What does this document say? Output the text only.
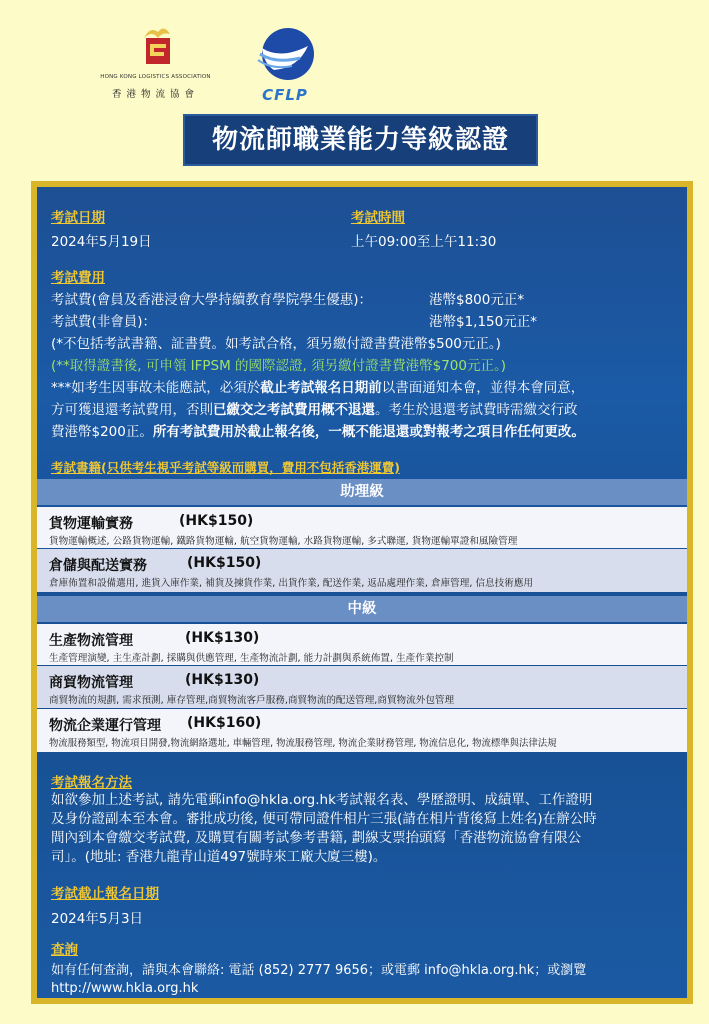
HONG KONG LOGISTICS ASSOCIATION
香港物流協會	CFLP
物流師職業能力等級認證
考試日期
2024年5月19日
考試時間
上午09:00至上午11:30
考試費用
考試費(會員及香港浸會大學持續教育學院學生優惠)：	港幣$800元正*
考試費(非會員)：	港幣$1,150元正*
(*不包括考試書籍、証書費。如考試合格，須另繳付證書費港幣$500元正。)
(**取得證書後, 可申領 IFPSM 的國際認證, 須另繳付證書費港幣$700元正。)
***如考生因事故未能應試，必須於截止考試報名日期前以書面通知本會，並得本會同意，
方可獲退還考試費用，否則已繳交之考試費用概不退還。考生於退還考試費時需繳交行政
費港幣$200正。所有考試費用於截止報名後，一概不能退還或對報考之項目作任何更改。
考試書籍(只供考生視乎考試等級而購買，費用不包括香港運費)
助理級
貨物運輸實務	(HK$150)
貨物運輸概述, 公路貨物運輸, 鐵路貨物運輸, 航空貨物運輸, 水路貨物運輸, 多式聯運, 貨物運輸單證和風險管理
倉儲與配送實務	(HK$150)
倉庫佈置和設備選用, 進貨入庫作業, 補貨及揀貨作業, 出貨作業, 配送作業, 返品處理作業, 倉庫管理, 信息技術應用
中級
生產物流管理	(HK$130)
生產管理演變, 主生產計劃, 採購與供應管理, 生產物流計劃, 能力計劃與系統佈置, 生產作業控制
商貿物流管理	(HK$130)
商貿物流的規劃, 需求預測, 庫存管理,商貿物流客戶服務,商貿物流的配送管理,商貿物流外包管理
物流企業運行管理 (HK$160)
物流服務類型, 物流項目開發,物流網絡選址, 車輛管理, 物流服務管理, 物流企業財務管理, 物流信息化, 物流標準與法律法規
考試報名方法
如欲參加上述考試, 請先電郵info@hkla.org.hk考試報名表、學歷證明、成績單、工作證明
及身份證副本至本會。審批成功後, 便可帶同證件相片三張(請在相片背後寫上姓名)在辦公時
間內到本會繳交考試費, 及購買有關考試參考書籍, 劃線支票抬頭寫「香港物流協會有限公
司」。(地址: 香港九龍青山道497號時來工廠大廈三樓)。
考試截止報名日期
2024年5月3日
查詢
如有任何查詢，請與本會聯絡: 電話 (852) 2777 9656；或電郵 info@hkla.org.hk；或瀏覽
http://www.hkla.org.hk
